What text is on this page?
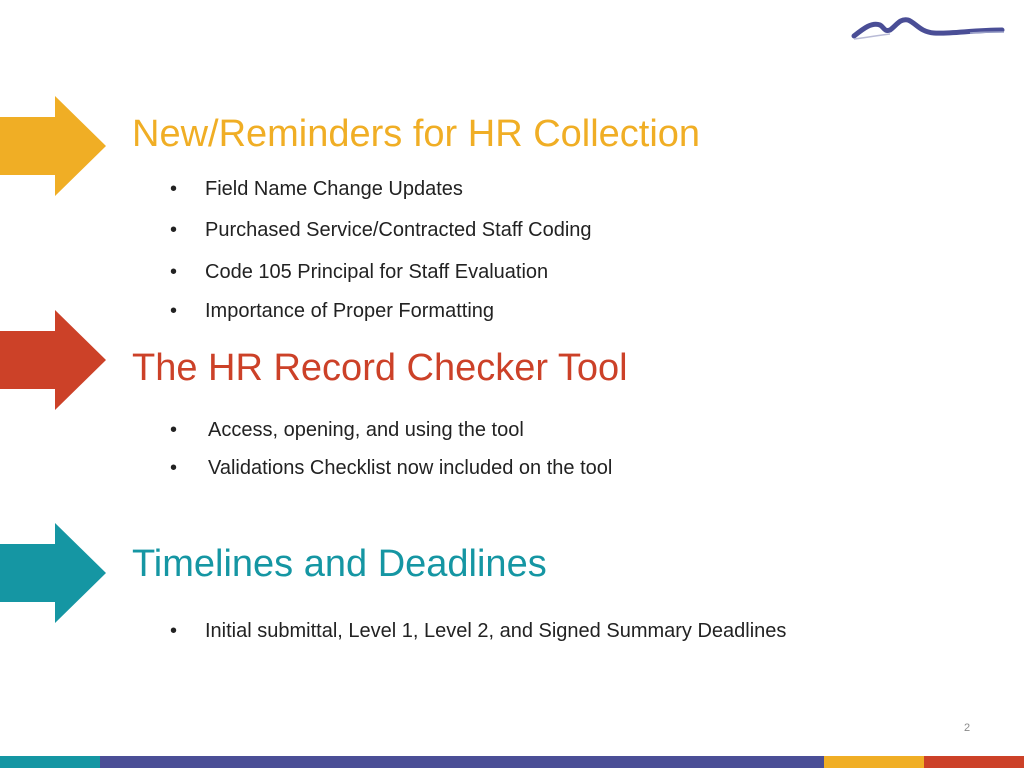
New/Reminders for HR Collection
• Field Name Change Updates
• Purchased Service/Contracted Staff Coding
• Code 105 Principal for Staff Evaluation
• Importance of Proper Formatting
The HR Record Checker Tool
• Access, opening, and using the tool
• Validations Checklist now included on the tool
Timelines and Deadlines
• Initial submittal, Level 1, Level 2, and Signed Summary Deadlines
2
